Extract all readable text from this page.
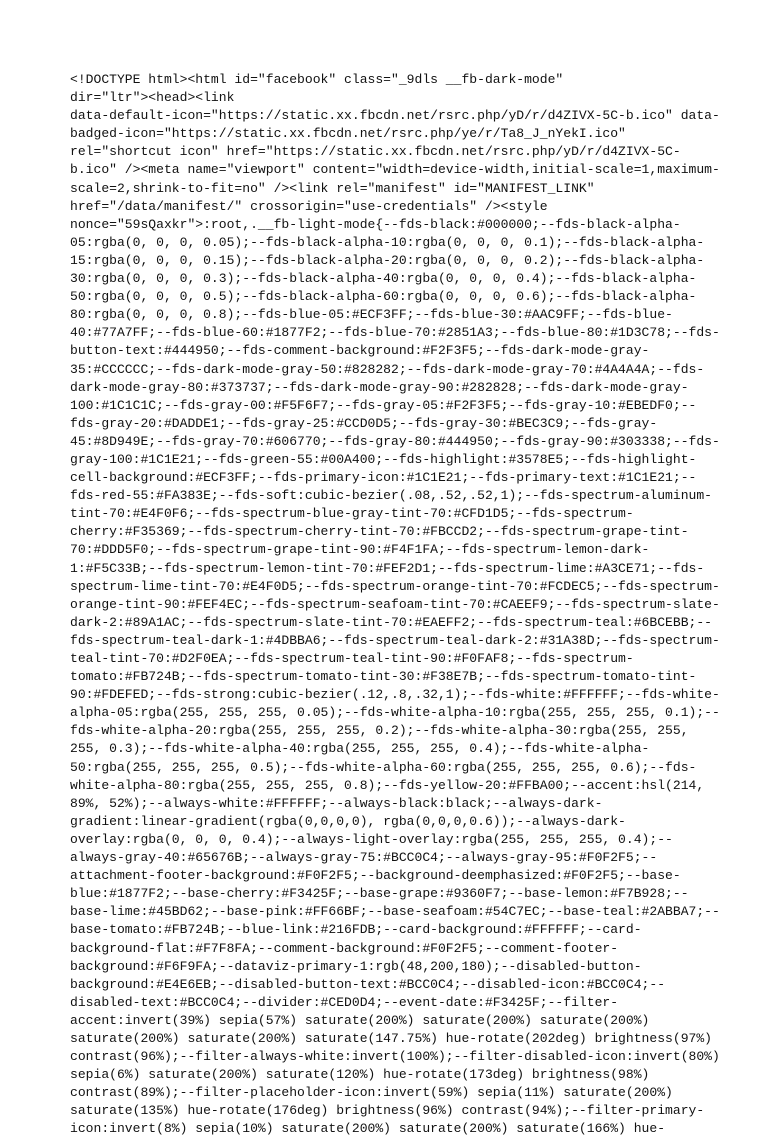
<!DOCTYPE html><html id="facebook" class="_9dls __fb-dark-mode"
dir="ltr"><head><link
data-default-icon="https://static.xx.fbcdn.net/rsrc.php/yD/r/d4ZIVX-5C-b.ico" data-
badged-icon="https://static.xx.fbcdn.net/rsrc.php/ye/r/Ta8_J_nYekI.ico"
rel="shortcut icon" href="https://static.xx.fbcdn.net/rsrc.php/yD/r/d4ZIVX-5C-
b.ico" /><meta name="viewport" content="width=device-width,initial-scale=1,maximum-
scale=2,shrink-to-fit=no" /><link rel="manifest" id="MANIFEST_LINK"
href="/data/manifest/" crossorigin="use-credentials" /><style
nonce="59sQaxkr">:root,.__fb-light-mode{--fds-black:#000000;--fds-black-alpha-
05:rgba(0, 0, 0, 0.05);--fds-black-alpha-10:rgba(0, 0, 0, 0.1);--fds-black-alpha-
15:rgba(0, 0, 0, 0.15);--fds-black-alpha-20:rgba(0, 0, 0, 0.2);--fds-black-alpha-
30:rgba(0, 0, 0, 0.3);--fds-black-alpha-40:rgba(0, 0, 0, 0.4);--fds-black-alpha-
50:rgba(0, 0, 0, 0.5);--fds-black-alpha-60:rgba(0, 0, 0, 0.6);--fds-black-alpha-
80:rgba(0, 0, 0, 0.8);--fds-blue-05:#ECF3FF;--fds-blue-30:#AAC9FF;--fds-blue-
40:#77A7FF;--fds-blue-60:#1877F2;--fds-blue-70:#2851A3;--fds-blue-80:#1D3C78;--fds-
button-text:#444950;--fds-comment-background:#F2F3F5;--fds-dark-mode-gray-
35:#CCCCCC;--fds-dark-mode-gray-50:#828282;--fds-dark-mode-gray-70:#4A4A4A;--fds-
dark-mode-gray-80:#373737;--fds-dark-mode-gray-90:#282828;--fds-dark-mode-gray-
100:#1C1C1C;--fds-gray-00:#F5F6F7;--fds-gray-05:#F2F3F5;--fds-gray-10:#EBEDF0;--
fds-gray-20:#DADDE1;--fds-gray-25:#CCD0D5;--fds-gray-30:#BEC3C9;--fds-gray-
45:#8D949E;--fds-gray-70:#606770;--fds-gray-80:#444950;--fds-gray-90:#303338;--fds-
gray-100:#1C1E21;--fds-green-55:#00A400;--fds-highlight:#3578E5;--fds-highlight-
cell-background:#ECF3FF;--fds-primary-icon:#1C1E21;--fds-primary-text:#1C1E21;--
fds-red-55:#FA383E;--fds-soft:cubic-bezier(.08,.52,.52,1);--fds-spectrum-aluminum-
tint-70:#E4F0F6;--fds-spectrum-blue-gray-tint-70:#CFD1D5;--fds-spectrum-
cherry:#F35369;--fds-spectrum-cherry-tint-70:#FBCCD2;--fds-spectrum-grape-tint-
70:#DDD5F0;--fds-spectrum-grape-tint-90:#F4F1FA;--fds-spectrum-lemon-dark-
1:#F5C33B;--fds-spectrum-lemon-tint-70:#FEF2D1;--fds-spectrum-lime:#A3CE71;--fds-
spectrum-lime-tint-70:#E4F0D5;--fds-spectrum-orange-tint-70:#FCDEC5;--fds-spectrum-
orange-tint-90:#FEF4EC;--fds-spectrum-seafoam-tint-70:#CAEEF9;--fds-spectrum-slate-
dark-2:#89A1AC;--fds-spectrum-slate-tint-70:#EAEFF2;--fds-spectrum-teal:#6BCEBB;--
fds-spectrum-teal-dark-1:#4DBBA6;--fds-spectrum-teal-dark-2:#31A38D;--fds-spectrum-
teal-tint-70:#D2F0EA;--fds-spectrum-teal-tint-90:#F0FAF8;--fds-spectrum-
tomato:#FB724B;--fds-spectrum-tomato-tint-30:#F38E7B;--fds-spectrum-tomato-tint-
90:#FDEFED;--fds-strong:cubic-bezier(.12,.8,.32,1);--fds-white:#FFFFFF;--fds-white-
alpha-05:rgba(255, 255, 255, 0.05);--fds-white-alpha-10:rgba(255, 255, 255, 0.1);--
fds-white-alpha-20:rgba(255, 255, 255, 0.2);--fds-white-alpha-30:rgba(255, 255,
255, 0.3);--fds-white-alpha-40:rgba(255, 255, 255, 0.4);--fds-white-alpha-
50:rgba(255, 255, 255, 0.5);--fds-white-alpha-60:rgba(255, 255, 255, 0.6);--fds-
white-alpha-80:rgba(255, 255, 255, 0.8);--fds-yellow-20:#FFBA00;--accent:hsl(214,
89%, 52%);--always-white:#FFFFFF;--always-black:black;--always-dark-
gradient:linear-gradient(rgba(0,0,0,0), rgba(0,0,0,0.6));--always-dark-
overlay:rgba(0, 0, 0, 0.4);--always-light-overlay:rgba(255, 255, 255, 0.4);--
always-gray-40:#65676B;--always-gray-75:#BCC0C4;--always-gray-95:#F0F2F5;--
attachment-footer-background:#F0F2F5;--background-deemphasized:#F0F2F5;--base-
blue:#1877F2;--base-cherry:#F3425F;--base-grape:#9360F7;--base-lemon:#F7B928;--
base-lime:#45BD62;--base-pink:#FF66BF;--base-seafoam:#54C7EC;--base-teal:#2ABBA7;--
base-tomato:#FB724B;--blue-link:#216FDB;--card-background:#FFFFFF;--card-
background-flat:#F7F8FA;--comment-background:#F0F2F5;--comment-footer-
background:#F6F9FA;--dataviz-primary-1:rgb(48,200,180);--disabled-button-
background:#E4E6EB;--disabled-button-text:#BCC0C4;--disabled-icon:#BCC0C4;--
disabled-text:#BCC0C4;--divider:#CED0D4;--event-date:#F3425F;--filter-
accent:invert(39%) sepia(57%) saturate(200%) saturate(200%) saturate(200%)
saturate(200%) saturate(200%) saturate(147.75%) hue-rotate(202deg) brightness(97%)
contrast(96%);--filter-always-white:invert(100%);--filter-disabled-icon:invert(80%)
sepia(6%) saturate(200%) saturate(120%) hue-rotate(173deg) brightness(98%)
contrast(89%);--filter-placeholder-icon:invert(59%) sepia(11%) saturate(200%)
saturate(135%) hue-rotate(176deg) brightness(96%) contrast(94%);--filter-primary-
icon:invert(8%) sepia(10%) saturate(200%) saturate(200%) saturate(166%) hue-
